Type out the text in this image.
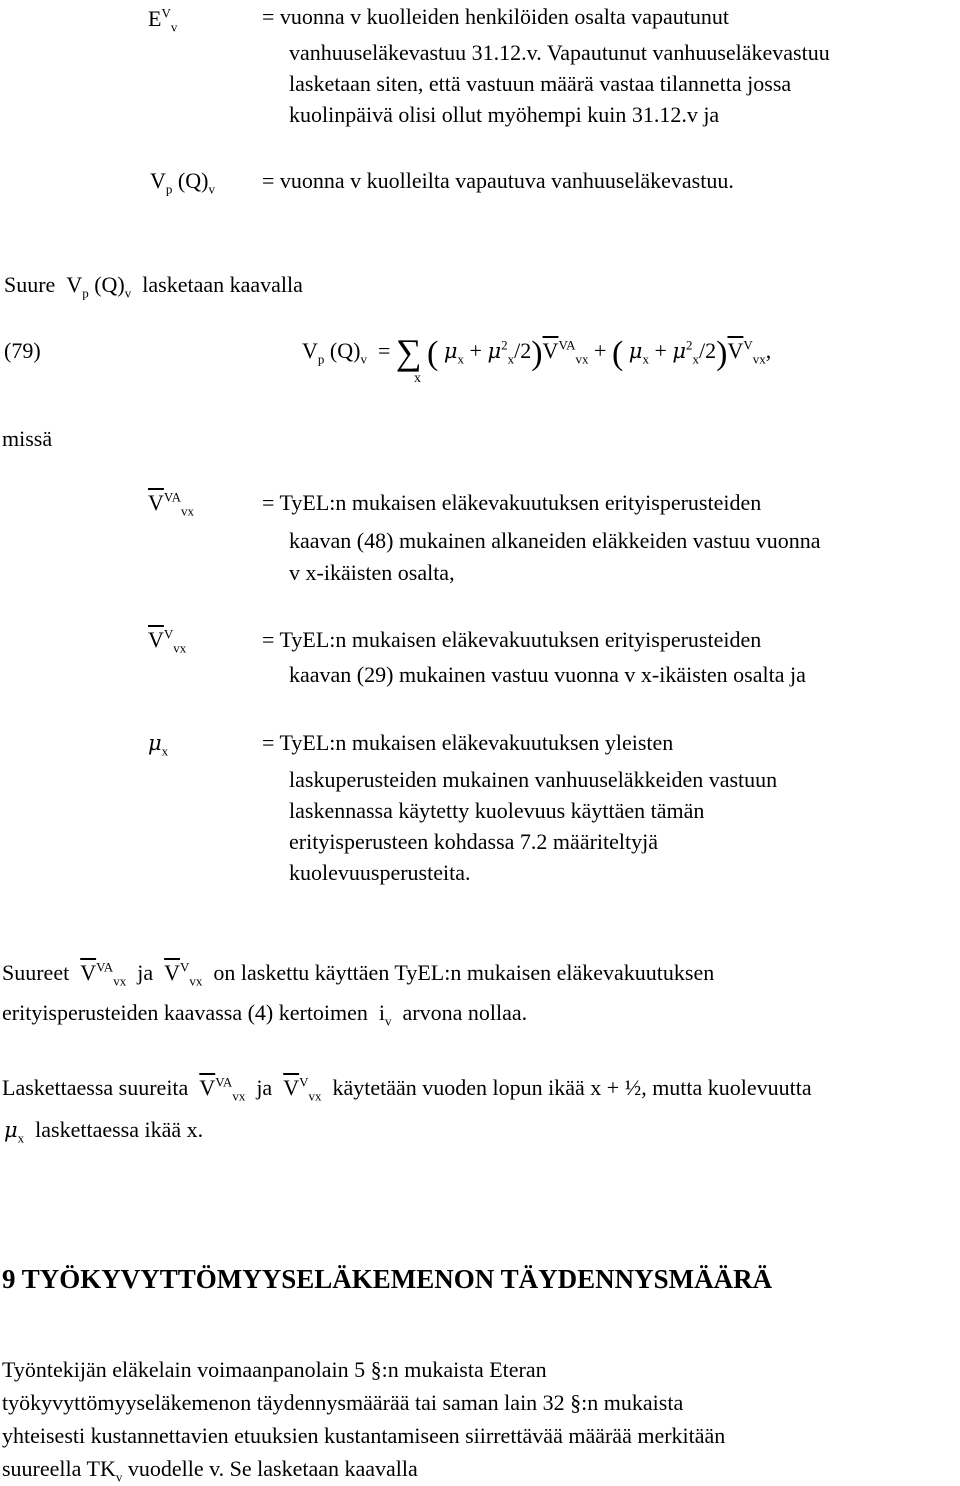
$E^V_v$	= vuonna v kuolleiden henkilöiden osalta vapautunut
vanhuuseläkevastuu 31.12.v. Vapautunut vanhuuseläkevastuu
lasketaan siten, että vastuun määrä vastaa tilannetta jossa
kuolinpäivä olisi ollut myöhempi kuin 31.12.v ja
$V_p$ $(Q)_v$ = vuonna v kuolleilta vapautuva vanhuuseläkevastuu.
Suure  $V_p$ $(Q)_v$ lasketaan kaavalla
(79)	$V_p$ $(Q)_v$ = ∑ ( $\mu_x + \mu^2_x/2)\overline{V}^{VA}_{vx}$ + ( $\mu_x + \mu^2_x/2)\overline{V}^V_{vx}$,
x
missä
$\overline{V}^{VA}_{vx}$	= TyEL:n mukaisen eläkevakuutuksen erityisperusteiden
kaavan (48) mukainen alkaneiden eläkkeiden vastuu vuonna
v x-ikäisten osalta,
$\overline{V}^V_{vx}$	= TyEL:n mukaisen eläkevakuutuksen erityisperusteiden
kaavan (29) mukainen vastuu vuonna v x-ikäisten osalta ja
$\mu_x$	= TyEL:n mukaisen eläkevakuutuksen yleisten
laskuperusteiden mukainen vanhuuseläkkeiden vastuun
laskennassa käytetty kuolevuus käyttäen tämän
erityisperusteen kohdassa 7.2 määriteltyjä
kuolevuusperusteita.
Suureet $\overline{V}^{VA}_{vx}$ ja $\overline{V}^V_{vx}$ on laskettu käyttäen TyEL:n mukaisen eläkevakuutuksen
erityisperusteiden kaavassa (4) kertoimen $i_v$ arvona nollaa.
Laskettaessa suureita $\overline{V}^{VA}_{vx}$ ja $\overline{V}^V_{vx}$ käytetään vuoden lopun ikää x + ½, mutta kuolevuutta
$\mu_x$ laskettaessa ikää x.
9 TYÖKYVYTTÖMYYSELÄKEMENON TÄYDENNYSMÄÄRÄ
Työntekijän eläkelain voimaanpanolain 5 §:n mukaista Eteran
työkyvyttömyyseläkemenon täydennysmäärää tai saman lain 32 §:n mukaista
yhteisesti kustannettavien etuuksien kustantamiseen siirrettävää määrää merkitään
suureella $TK_v$ vuodelle v. Se lasketaan kaavalla
